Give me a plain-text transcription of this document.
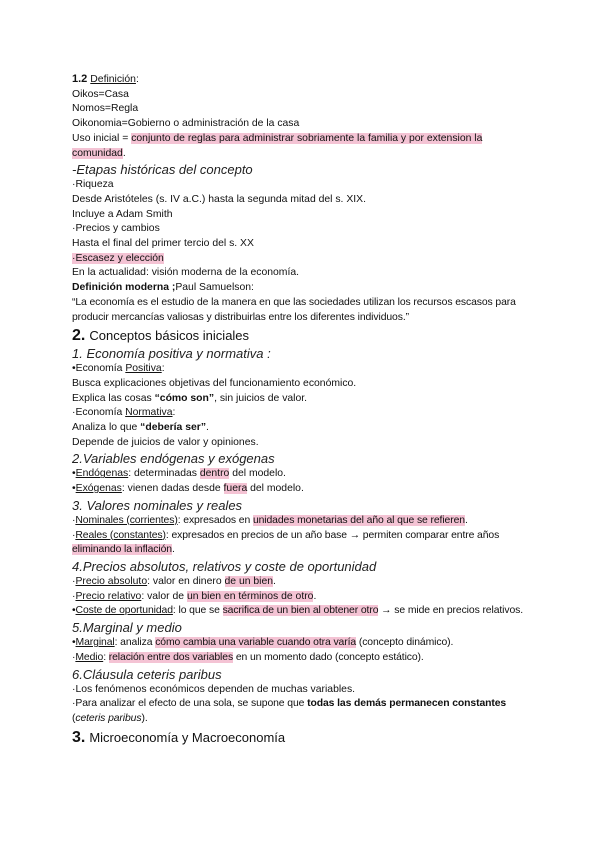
1.2 Definición:
Oikos=Casa
Nomos=Regla
Oikonomia=Gobierno o administración de la casa
Uso inicial = conjunto de reglas para administrar sobriamente la familia y por extension la comunidad.
-Etapas históricas del concepto
·Riqueza
Desde Aristóteles (s. IV a.C.) hasta la segunda mitad del s. XIX.
Incluye a Adam Smith
·Precios y cambios
Hasta el final del primer tercio del s. XX
·Escasez y elección
En la actualidad: visión moderna de la economía.
Definición moderna ;Paul Samuelson:
“La economía es el estudio de la manera en que las sociedades utilizan los recursos escasos para producir mercancías valiosas y distribuirlas entre los diferentes individuos.”
2. Conceptos básicos iniciales
1. Economía positiva y normativa :
•Economía Positiva:
Busca explicaciones objetivas del funcionamiento económico.
Explica las cosas “cómo son”, sin juicios de valor.
·Economía Normativa:
Analiza lo que “debería ser”.
Depende de juicios de valor y opiniones.
2.Variables endógenas y exógenas
•Endógenas: determinadas dentro del modelo.
•Exógenas: vienen dadas desde fuera del modelo.
3. Valores nominales y reales
·Nominales (corrientes): expresados en unidades monetarias del año al que se refieren.
·Reales (constantes): expresados en precios de un año base → permiten comparar entre años eliminando la inflación.
4.Precios absolutos, relativos y coste de oportunidad
·Precio absoluto: valor en dinero de un bien.
·Precio relativo: valor de un bien en términos de otro.
•Coste de oportunidad: lo que se sacrifica de un bien al obtener otro → se mide en precios relativos.
5.Marginal y medio
•Marginal: analiza cómo cambia una variable cuando otra varía (concepto dinámico).
·Medio: relación entre dos variables en un momento dado (concepto estático).
6.Cláusula ceteris paribus
·Los fenómenos económicos dependen de muchas variables.
·Para analizar el efecto de una sola, se supone que todas las demás permanecen constantes (ceteris paribus).
3. Microeconomía y Macroeconomía
